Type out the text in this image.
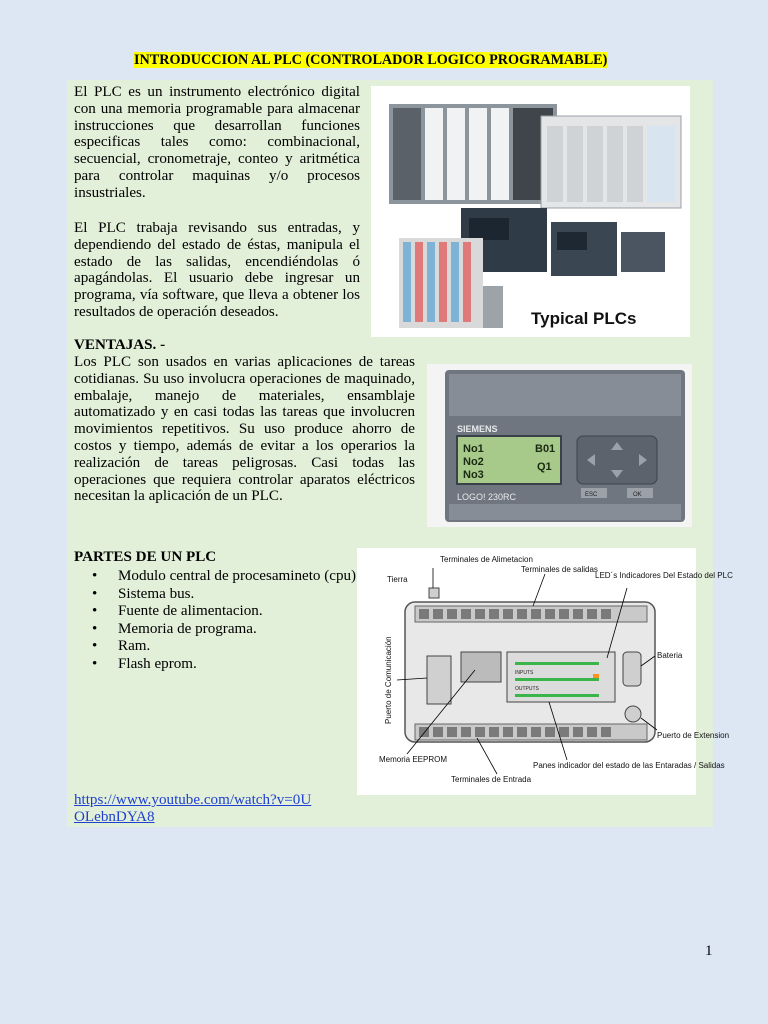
INTRODUCCION AL PLC (CONTROLADOR LOGICO PROGRAMABLE)

El PLC es un instrumento electrónico digital con una memoria programable para almacenar instrucciones que desarrollan funciones especificas tales como: combinacional, secuencial, cronometraje, conteo y aritmética para controlar maquinas y/o procesos insustriales.

El PLC trabaja revisando sus entradas, y dependiendo del estado de éstas, manipula el estado de las salidas, encendiéndolas ó apagándolas. El usuario debe ingresar un programa, vía software, que lleva a obtener los resultados de operación deseados.

VENTAJAS. -

Los PLC son usados en varias aplicaciones de tareas cotidianas. Su uso involucra operaciones de maquinado, embalaje, manejo de materiales, ensamblaje automatizado y en casi todas las tareas que involucren movimientos repetitivos. Su uso produce ahorro de costos y tiempo, además de evitar a los operarios la realización de tareas peligrosas. Casi todas las operaciones que requiera controlar aparatos eléctricos necesitan la aplicación de un PLC.

PARTES DE UN PLC
• Modulo central de procesamineto (cpu)
• Sistema bus.
• Fuente de alimentacion.
• Memoria de programa.
• Ram.
• Flash eprom.
https://www.youtube.com/watch?v=0UOLebnDYA8
1
Typical PLCs
SIEMENS
No1
No2
No3
B01
Q1
LOGO! 230RC	ESC	OK
INPUTS
OUTPUTS
Tierra
Terminales de Alimetacion
Terminales de salidas
LED´s Indicadores Del Estado del PLC
Bateria
Memoria EEPROM
Terminales de Entrada
Panes indicador del estado de las Entaradas / Salidas
Puerto de Extension
Puerto de Comunicación
